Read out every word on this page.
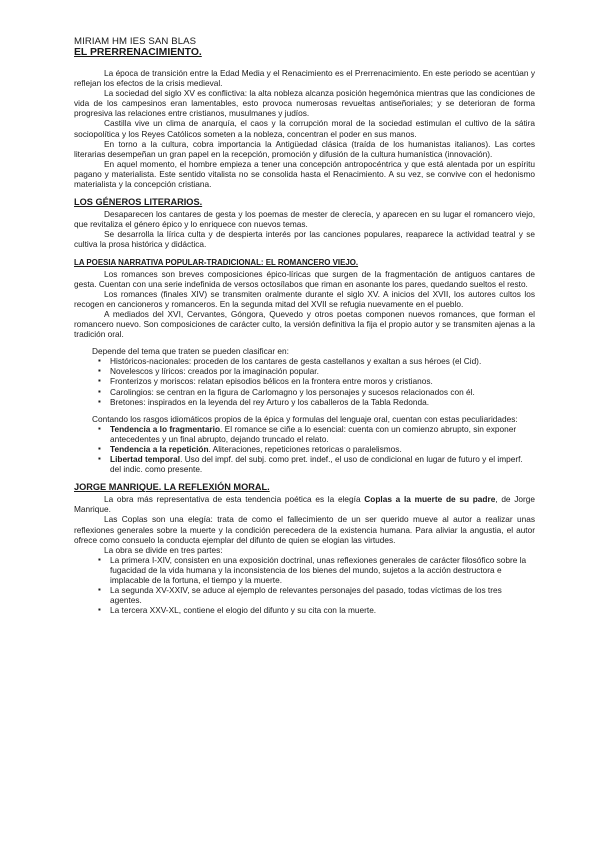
MIRIAM HM IES SAN BLAS
EL PRERRENACIMIENTO.

La época de transición entre la Edad Media y el Renacimiento es el Prerrenacimiento. En este periodo se acentúan y reflejan los efectos de la crisis medieval.

La sociedad del siglo XV es conflictiva: la alta nobleza alcanza posición hegemónica mientras que las condiciones de vida de los campesinos eran lamentables, esto provoca numerosas revueltas antiseñoriales; y se deterioran de forma progresiva las relaciones entre cristianos, musulmanes y judíos.

Castilla vive un clima de anarquía, el caos y la corrupción moral de la sociedad estimulan el cultivo de la sátira sociopolítica y los Reyes Católicos someten a la nobleza, concentran el poder en sus manos.

En torno a la cultura, cobra importancia la Antigüedad clásica (traída de los humanistas italianos). Las cortes literarias desempeñan un gran papel en la recepción, promoción y difusión de la cultura humanística (innovación).

En aquel momento, el hombre empieza a tener una concepción antropocéntrica y que está alentada por un espíritu pagano y materialista. Este sentido vitalista no se consolida hasta el Renacimiento. A su vez, se convive con el hedonismo materialista y la concepción cristiana.

LOS GÉNEROS LITERARIOS.

Desaparecen los cantares de gesta y los poemas de mester de clerecía, y aparecen en su lugar el romancero viejo, que revitaliza el género épico y lo enriquece con nuevos temas.

Se desarrolla la lírica culta y de despierta interés por las canciones populares, reaparece la actividad teatral y se cultiva la prosa histórica y didáctica.

LA POESIA NARRATIVA POPULAR-TRADICIONAL: EL ROMANCERO VIEJO.

Los romances son breves composiciones épico-líricas que surgen de la fragmentación de antiguos cantares de gesta. Cuentan con una serie indefinida de versos octosílabos que riman en asonante los pares, quedando sueltos el resto.

Los romances (finales XIV) se transmiten oralmente durante el siglo XV. A inicios del XVII, los autores cultos los recogen en cancioneros y romanceros. En la segunda mitad del XVII se refugia nuevamente en el pueblo.

A mediados del XVI, Cervantes, Góngora, Quevedo y otros poetas componen nuevos romances, que forman el romancero nuevo. Son composiciones de carácter culto, la versión definitiva la fija el propio autor y se transmiten ajenas a la tradición oral.

Depende del tema que traten se pueden clasificar en:

▪ Históricos-nacionales: proceden de los cantares de gesta castellanos y exaltan a sus héroes (el Cid).
▪ Novelescos y líricos: creados por la imaginación popular.
▪ Fronterizos y moriscos: relatan episodios bélicos en la frontera entre moros y cristianos.
▪ Carolingios: se centran en la figura de Carlomagno y los personajes y sucesos relacionados con él.
▪ Bretones: inspirados en la leyenda del rey Arturo y los caballeros de la Tabla Redonda.

Contando los rasgos idiomáticos propios de la épica y formulas del lenguaje oral, cuentan con estas peculiaridades:

▪ Tendencia a lo fragmentario. El romance se ciñe a lo esencial: cuenta con un comienzo abrupto, sin exponer antecedentes y un final abrupto, dejando truncado el relato.
▪ Tendencia a la repetición. Aliteraciones, repeticiones retoricas o paralelismos.
▪ Libertad temporal. Uso del impf. del subj. como pret. indef., el uso de condicional en lugar de futuro y el imperf. del indic. como presente.
JORGE MANRIQUE. LA REFLEXIÓN MORAL.

La obra más representativa de esta tendencia poética es la elegía Coplas a la muerte de su padre, de Jorge Manrique.

Las Coplas son una elegía: trata de como el fallecimiento de un ser querido mueve al autor a realizar unas reflexiones generales sobre la muerte y la condición perecedera de la existencia humana. Para aliviar la angustia, el autor ofrece como consuelo la conducta ejemplar del difunto de quien se elogian las virtudes.

La obra se divide en tres partes:

▪ La primera I-XIV, consisten en una exposición doctrinal, unas reflexiones generales de carácter filosófico sobre la fugacidad de la vida humana y la inconsistencia de los bienes del mundo, sujetos a la acción destructora e implacable de la fortuna, el tiempo y la muerte.
▪ La segunda XV-XXIV, se aduce al ejemplo de relevantes personajes del pasado, todas víctimas de los tres agentes.
▪ La tercera XXV-XL, contiene el elogio del difunto y su cita con la muerte.
